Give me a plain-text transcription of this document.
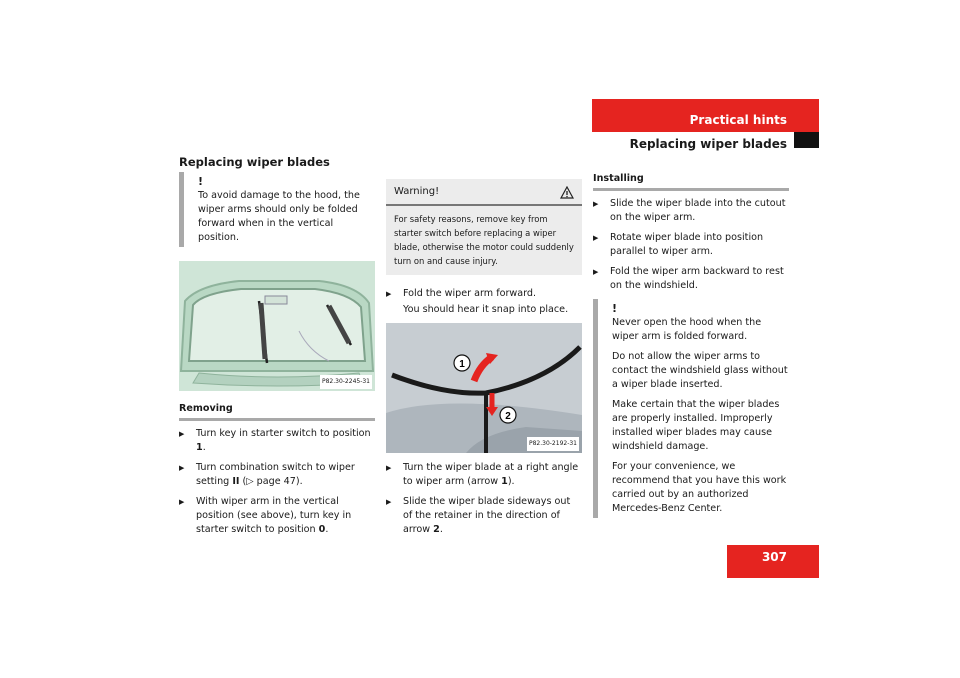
Practical hints
Replacing wiper blades
Replacing wiper blades
!

To avoid damage to the hood, the wiper arms should only be folded forward when in the vertical position.

P82.30-2245-31
Removing
▶ Turn key in starter switch to position 1.
▶ Turn combination switch to wiper setting II (▷ page 47).
▶ With wiper arm in the vertical position (see above), turn key in starter switch to position 0.
Warning!
For safety reasons, remove key from starter switch before replacing a wiper blade, otherwise the motor could suddenly turn on and cause injury.
▶ Fold the wiper arm forward.
You should hear it snap into place.
1
2
P82.30-2192-31
▶ Turn the wiper blade at a right angle to wiper arm (arrow 1).
▶ Slide the wiper blade sideways out of the retainer in the direction of arrow 2.
Installing
▶ Slide the wiper blade into the cutout on the wiper arm.
▶ Rotate wiper blade into position parallel to wiper arm.
▶ Fold the wiper arm backward to rest on the windshield.
!

Never open the hood when the wiper arm is folded forward.

Do not allow the wiper arms to contact the windshield glass without a wiper blade inserted.

Make certain that the wiper blades are properly installed. Improperly installed wiper blades may cause windshield damage.

For your convenience, we recommend that you have this work carried out by an authorized Mercedes-Benz Center.

307
